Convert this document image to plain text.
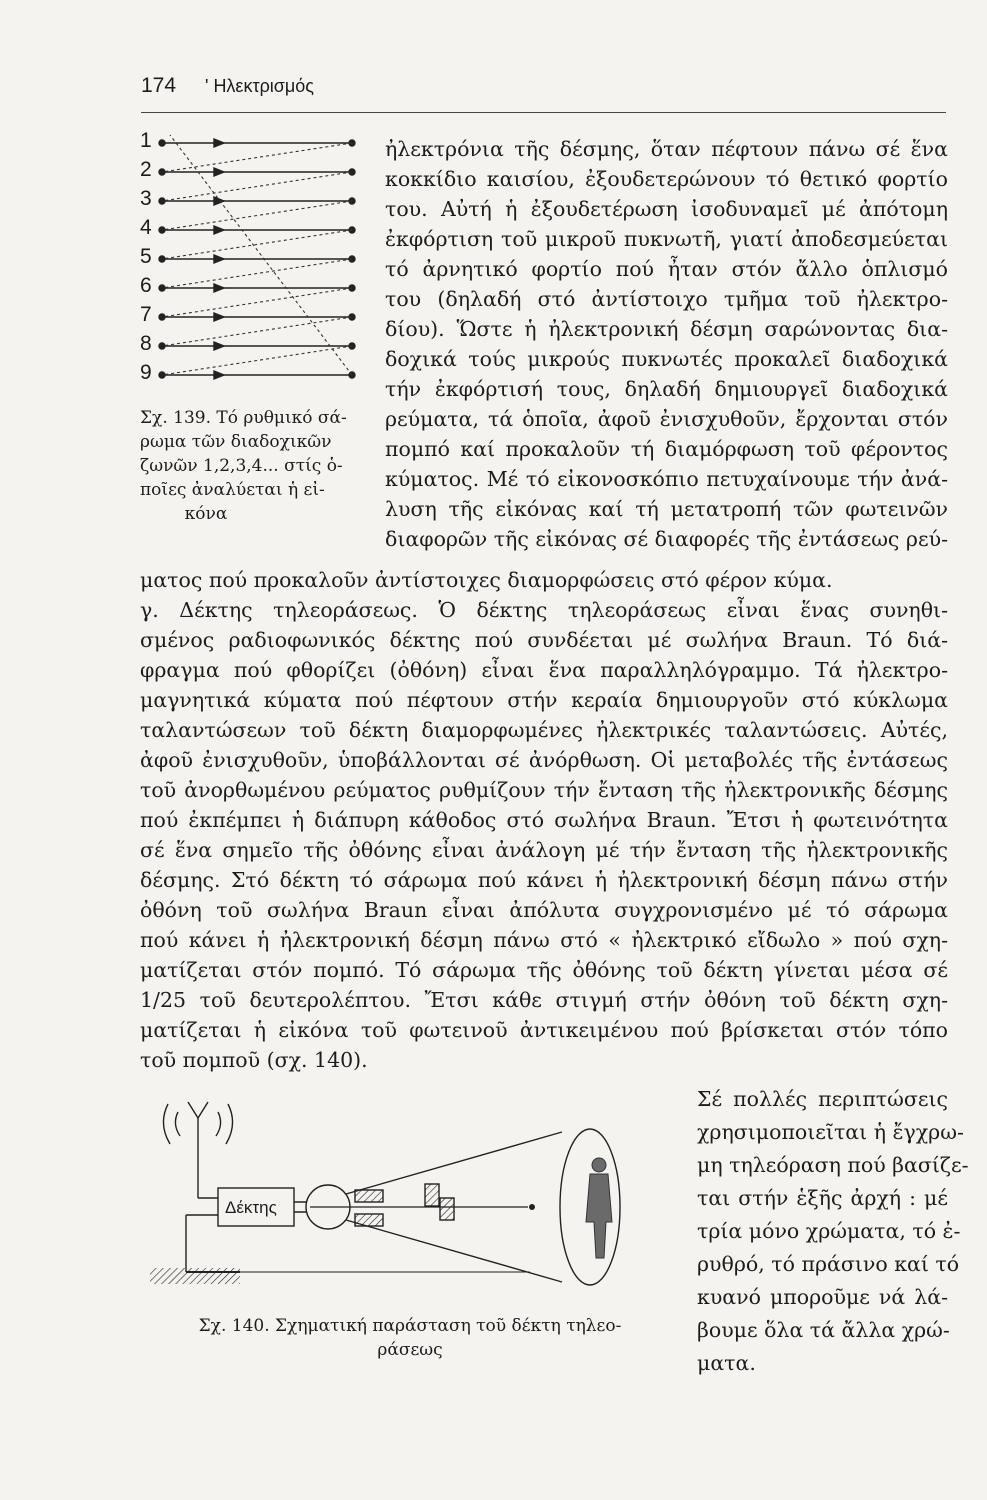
174 ' Ηλεκτρισμός
1
2
3
4
5
6
7
8
9
Σχ. 139. Τό ρυθμικό σά-
ρωμα τῶν διαδοχικῶν
ζωνῶν 1,2,3,4... στίς ὁ-
ποῖες ἀναλύεται ἡ εἰ-
κόνα
ἠλεκτρόνια τῆς δέσμης, ὅταν πέφτουν πάνω σέ ἕνα
κοκκίδιο καισίου, ἐξουδετερώνουν τό θετικό φορτίο
του. Αὐτή ἡ ἐξουδετέρωση ἰσοδυναμεῖ μέ ἀπότομη
ἐκφόρτιση τοῦ μικροῦ πυκνωτῆ, γιατί ἀποδεσμεύεται
τό ἀρνητικό φορτίο πού ἦταν στόν ἄλλο ὁπλισμό
του (δηλαδή στό ἀντίστοιχο τμῆμα τοῦ ἠλεκτρο-
δίου). Ὥστε ἡ ἠλεκτρονική δέσμη σαρώνοντας δια-
δοχικά τούς μικρούς πυκνωτές προκαλεῖ διαδοχικά
τήν ἐκφόρτισή τους, δηλαδή δημιουργεῖ διαδοχικά
ρεύματα, τά ὁποῖα, ἀφοῦ ἐνισχυθοῦν, ἔρχονται στόν
πομπό καί προκαλοῦν τή διαμόρφωση τοῦ φέροντος
κύματος. Μέ τό εἰκονοσκόπιο πετυχαίνουμε τήν ἀνά-
λυση τῆς εἰκόνας καί τή μετατροπή τῶν φωτεινῶν
διαφορῶν τῆς εἰκόνας σέ διαφορές τῆς ἐντάσεως ρεύ-
ματος πού προκαλοῦν ἀντίστοιχες διαμορφώσεις στό φέρον κύμα.
γ. Δέκτης τηλεοράσεως. Ὁ δέκτης τηλεοράσεως εἶναι ἕνας συνηθι-
σμένος ραδιοφωνικός δέκτης πού συνδέεται μέ σωλήνα Braun. Τό διά-
φραγμα πού φθορίζει (ὀθόνη) εἶναι ἕνα παραλληλόγραμμο. Τά ἠλεκτρο-
μαγνητικά κύματα πού πέφτουν στήν κεραία δημιουργοῦν στό κύκλωμα
ταλαντώσεων τοῦ δέκτη διαμορφωμένες ἠλεκτρικές ταλαντώσεις. Αὐτές,
ἀφοῦ ἐνισχυθοῦν, ὑποβάλλονται σέ ἀνόρθωση. Οἱ μεταβολές τῆς ἐντάσεως
τοῦ ἀνορθωμένου ρεύματος ρυθμίζουν τήν ἔνταση τῆς ἠλεκτρονικῆς δέσμης
πού ἐκπέμπει ἡ διάπυρη κάθοδος στό σωλήνα Braun. Ἔτσι ἡ φωτεινότητα
σέ ἕνα σημεῖο τῆς ὀθόνης εἶναι ἀνάλογη μέ τήν ἔνταση τῆς ἠλεκτρονικῆς
δέσμης. Στό δέκτη τό σάρωμα πού κάνει ἡ ἠλεκτρονική δέσμη πάνω στήν
ὀθόνη τοῦ σωλήνα Braun εἶναι ἀπόλυτα συγχρονισμένο μέ τό σάρωμα
πού κάνει ἡ ἠλεκτρονική δέσμη πάνω στό « ἠλεκτρικό εἴδωλο » πού σχη-
ματίζεται στόν πομπό. Τό σάρωμα τῆς ὀθόνης τοῦ δέκτη γίνεται μέσα σέ
1/25 τοῦ δευτερολέπτου. Ἔτσι κάθε στιγμή στήν ὀθόνη τοῦ δέκτη σχη-
ματίζεται ἡ εἰκόνα τοῦ φωτεινοῦ ἀντικειμένου πού βρίσκεται στόν τόπο
τοῦ πομποῦ (σχ. 140).
Σέ πολλές περιπτώσεις
χρησιμοποιεῖται ἡ ἔγχρω-
μη τηλεόραση πού βασίζε-
ται στήν ἑξῆς ἀρχή : μέ
τρία μόνο χρώματα, τό ἐ-
ρυθρό, τό πράσινο καί τό
κυανό μποροῦμε νά λά-
βουμε ὅλα τά ἄλλα χρώ-
ματα.
Δέκτης
Σχ. 140. Σχηματική παράσταση τοῦ δέκτη τηλεο-
ράσεως
